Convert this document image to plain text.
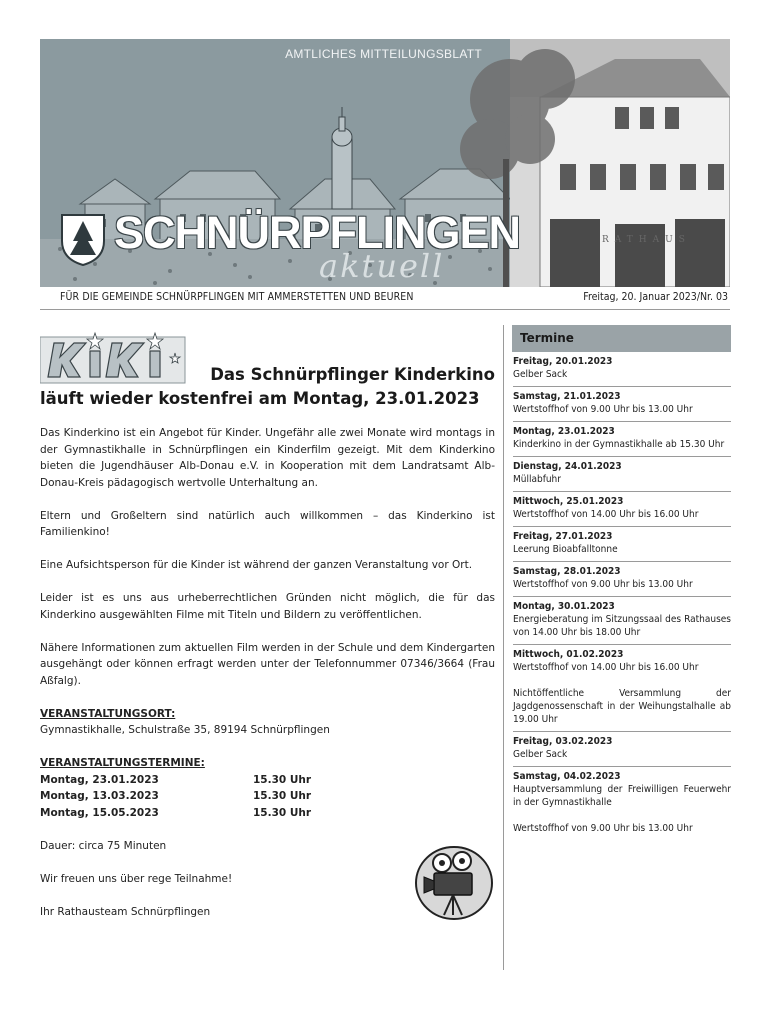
AMTLICHES MITTEILUNGSBLATT
SCHNÜRPFLINGEN
aktuell
RATHAUS
FÜR DIE GEMEINDE SCHNÜRPFLINGEN MIT AMMERSTETTEN UND BEUREN	Freitag, 20. Januar 2023/Nr. 03
Das Schnürpflinger Kinderkino
läuft wieder kostenfrei am Montag, 23.01.2023

Das Kinderkino ist ein Angebot für Kinder. Ungefähr alle zwei Monate wird montags in der Gymnastikhalle in Schnürpflingen ein Kinderfilm gezeigt. Mit dem Kinderkino bieten die Jugendhäuser Alb-Donau e.V. in Kooperation mit dem Landratsamt Alb-Donau-Kreis pädagogisch wertvolle Unterhaltung an.

Eltern und Großeltern sind natürlich auch willkommen – das Kinderkino ist Familienkino!

Eine Aufsichtsperson für die Kinder ist während der ganzen Veranstaltung vor Ort.

Leider ist es uns aus urheberrechtlichen Gründen nicht möglich, die für das Kinderkino ausgewählten Filme mit Titeln und Bildern zu veröffentlichen.

Nähere Informationen zum aktuellen Film werden in der Schule und dem Kindergarten ausgehängt oder können erfragt werden unter der Telefonnummer 07346/3664 (Frau Aßfalg).

VERANSTALTUNGSORT:
Gymnastikhalle, Schulstraße 35, 89194 Schnürpflingen

VERANSTALTUNGSTERMINE:
Montag, 23.01.2023	15.30 Uhr
Montag, 13.03.2023	15.30 Uhr
Montag, 15.05.2023	15.30 Uhr

Dauer: circa 75 Minuten

Wir freuen uns über rege Teilnahme!

Ihr Rathausteam Schnürpflingen

Termine
Freitag, 20.01.2023
Gelber Sack
Samstag, 21.01.2023
Wertstoffhof von 9.00 Uhr bis 13.00 Uhr
Montag, 23.01.2023
Kinderkino in der Gymnastikhalle ab 15.30 Uhr
Dienstag, 24.01.2023
Müllabfuhr
Mittwoch, 25.01.2023
Wertstoffhof von 14.00 Uhr bis 16.00 Uhr
Freitag, 27.01.2023
Leerung Bioabfalltonne
Samstag, 28.01.2023
Wertstoffhof von 9.00 Uhr bis 13.00 Uhr
Montag, 30.01.2023
Energieberatung im Sitzungssaal des Rathauses von 14.00 Uhr bis 18.00 Uhr
Mittwoch, 01.02.2023
Wertstoffhof von 14.00 Uhr bis 16.00 Uhr
Nichtöffentliche Versammlung der Jagdgenossenschaft in der Weihungstalhalle ab 19.00 Uhr
Freitag, 03.02.2023
Gelber Sack
Samstag, 04.02.2023
Hauptversammlung der Freiwilligen Feuerwehr in der Gymnastikhalle
Wertstoffhof von 9.00 Uhr bis 13.00 Uhr
